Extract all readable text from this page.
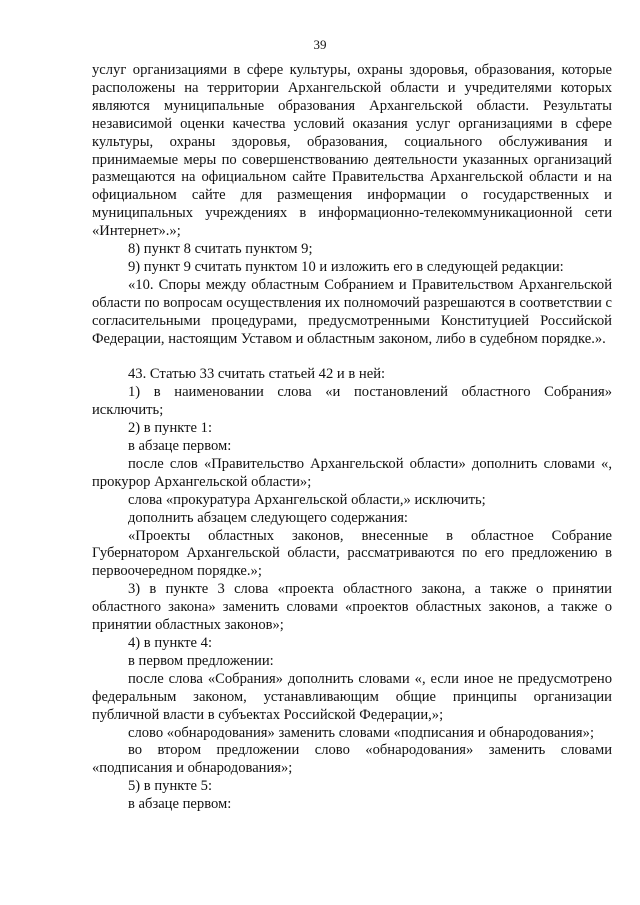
39

услуг организациями в сфере культуры, охраны здоровья, образования, которые расположены на территории Архангельской области и учредителями которых являются муниципальные образования Архангельской области. Результаты независимой оценки качества условий оказания услуг организациями в сфере культуры, охраны здоровья, образования, социального обслуживания и принимаемые меры по совершенствованию деятельности указанных организаций размещаются на официальном сайте Правительства Архангельской области и на официальном сайте для размещения информации о государственных и муниципальных учреждениях в информационно-телекоммуникационной сети «Интернет».»;

8) пункт 8 считать пунктом 9;

9) пункт 9 считать пунктом 10 и изложить его в следующей редакции:

«10. Споры между областным Собранием и Правительством Архангельской области по вопросам осуществления их полномочий разрешаются в соответствии с согласительными процедурами, предусмотренными Конституцией Российской Федерации, настоящим Уставом и областным законом, либо в судебном порядке.».

43. Статью 33 считать статьей 42 и в ней:

1) в наименовании слова «и постановлений областного Собрания» исключить;

2) в пункте 1:

в абзаце первом:

после слов «Правительство Архангельской области» дополнить словами «, прокурор Архангельской области»;

слова «прокуратура Архангельской области,» исключить;

дополнить абзацем следующего содержания:

«Проекты областных законов, внесенные в областное Собрание Губернатором Архангельской области, рассматриваются по его предложению в первоочередном порядке.»;

3) в пункте 3 слова «проекта областного закона, а также о принятии областного закона» заменить словами «проектов областных законов, а также о принятии областных законов»;

4) в пункте 4:

в первом предложении:

после слова «Собрания» дополнить словами «, если иное не предусмотрено федеральным законом, устанавливающим общие принципы организации публичной власти в субъектах Российской Федерации,»;

слово «обнародования» заменить словами «подписания и обнародования»;

во втором предложении слово «обнародования» заменить словами «подписания и обнародования»;

5) в пункте 5:

в абзаце первом:
